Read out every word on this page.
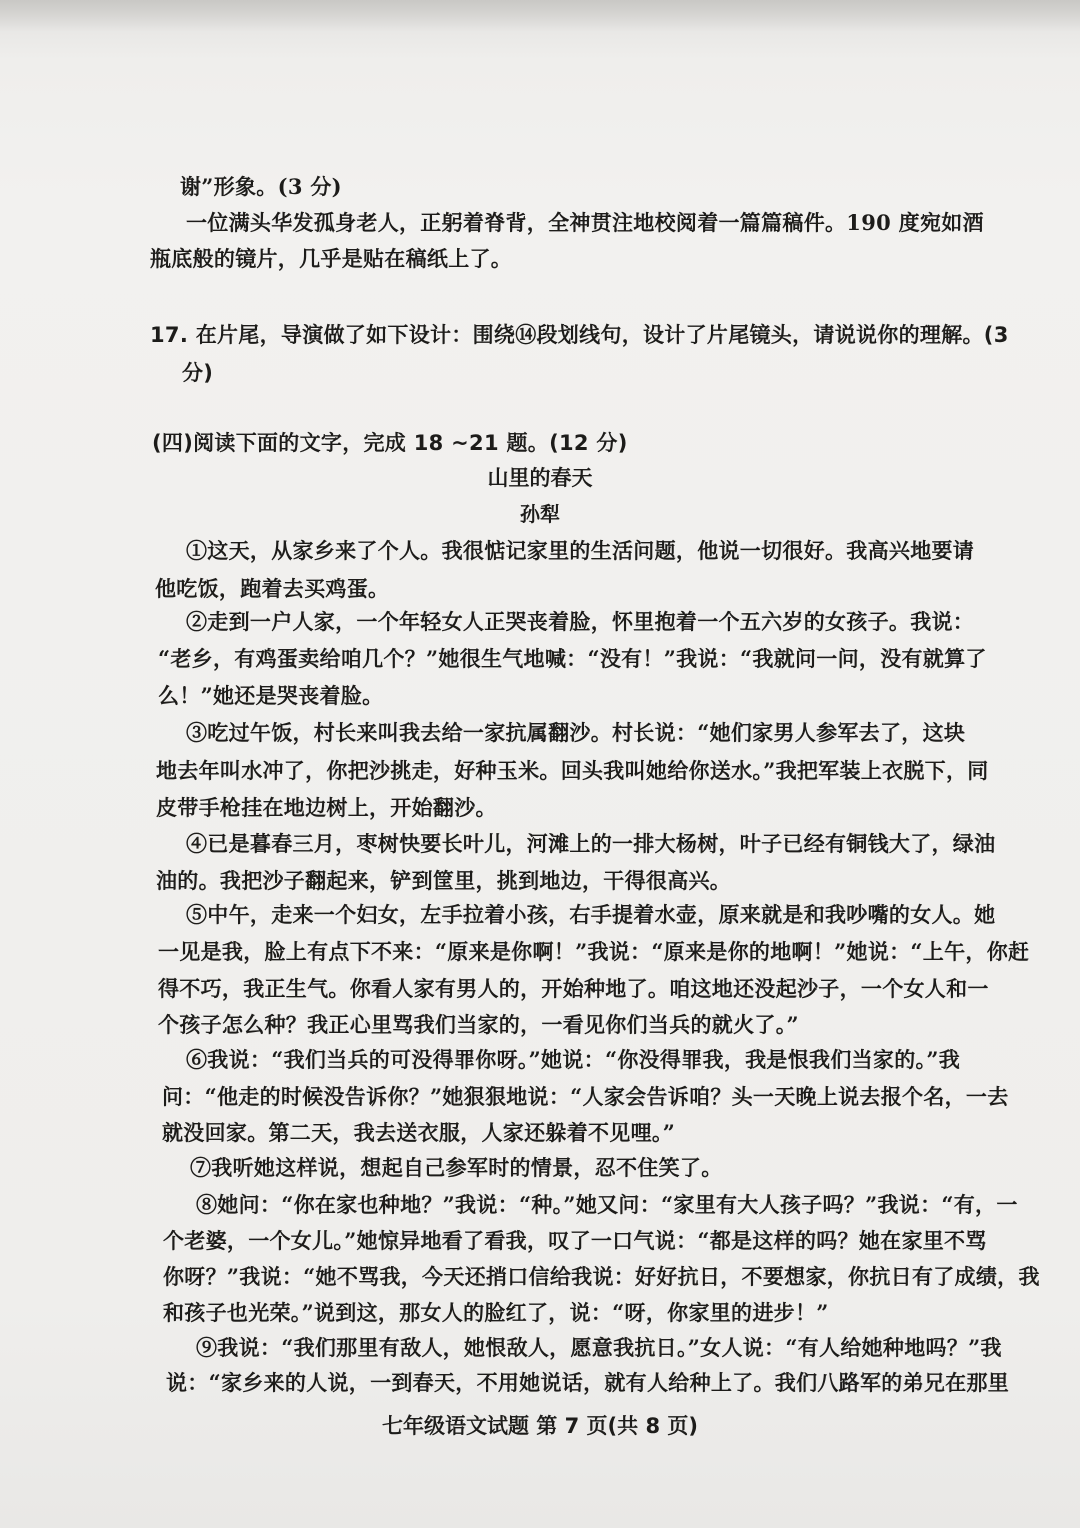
谢”形象。(3 分)
一位满头华发孤身老人，正躬着脊背，全神贯注地校阅着一篇篇稿件。190 度宛如酒
瓶底般的镜片，几乎是贴在稿纸上了。
17. 在片尾，导演做了如下设计：围绕⑭段划线句，设计了片尾镜头，请说说你的理解。(3
分)
(四)阅读下面的文字，完成 18 ~21 题。(12 分)
山里的春天
孙犁
①这天，从家乡来了个人。我很惦记家里的生活问题，他说一切很好。我高兴地要请
他吃饭，跑着去买鸡蛋。
②走到一户人家，一个年轻女人正哭丧着脸，怀里抱着一个五六岁的女孩子。我说：
“老乡，有鸡蛋卖给咱几个？”她很生气地喊：“没有！”我说：“我就问一问，没有就算了
么！”她还是哭丧着脸。
③吃过午饭，村长来叫我去给一家抗属翻沙。村长说：“她们家男人参军去了，这块
地去年叫水冲了，你把沙挑走，好种玉米。回头我叫她给你送水。”我把军装上衣脱下，同
皮带手枪挂在地边树上，开始翻沙。
④已是暮春三月，枣树快要长叶儿，河滩上的一排大杨树，叶子已经有铜钱大了，绿油
油的。我把沙子翻起来，铲到筐里，挑到地边，干得很高兴。
⑤中午，走来一个妇女，左手拉着小孩，右手提着水壶，原来就是和我吵嘴的女人。她
一见是我，脸上有点下不来：“原来是你啊！”我说：“原来是你的地啊！”她说：“上午，你赶
得不巧，我正生气。你看人家有男人的，开始种地了。咱这地还没起沙子，一个女人和一
个孩子怎么种？我正心里骂我们当家的，一看见你们当兵的就火了。”
⑥我说：“我们当兵的可没得罪你呀。”她说：“你没得罪我，我是恨我们当家的。”我
问：“他走的时候没告诉你？”她狠狠地说：“人家会告诉咱？头一天晚上说去报个名，一去
就没回家。第二天，我去送衣服，人家还躲着不见哩。”
⑦我听她这样说，想起自己参军时的情景，忍不住笑了。
⑧她问：“你在家也种地？”我说：“种。”她又问：“家里有大人孩子吗？”我说：“有，一
个老婆，一个女儿。”她惊异地看了看我，叹了一口气说：“都是这样的吗？她在家里不骂
你呀？”我说：“她不骂我，今天还捎口信给我说：好好抗日，不要想家，你抗日有了成绩，我
和孩子也光荣。”说到这，那女人的脸红了，说：“呀，你家里的进步！”
⑨我说：“我们那里有敌人，她恨敌人，愿意我抗日。”女人说：“有人给她种地吗？”我
说：“家乡来的人说，一到春天，不用她说话，就有人给种上了。我们八路军的弟兄在那里
七年级语文试题 第 7 页(共 8 页)
